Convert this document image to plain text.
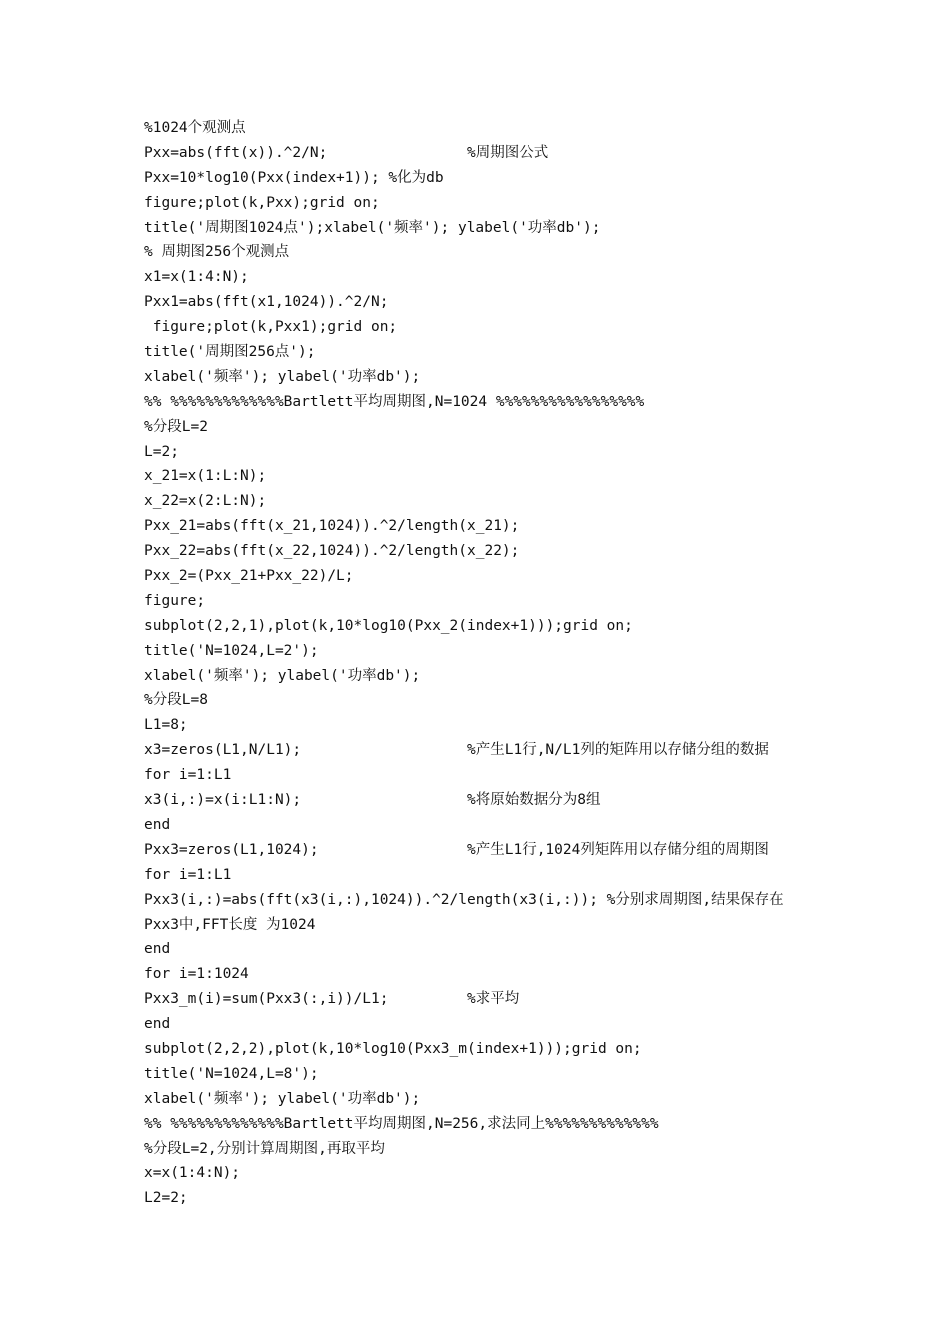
%1024个观测点
Pxx=abs(fft(x)).^2/N;                %周期图公式
Pxx=10*log10(Pxx(index+1)); %化为db
figure;plot(k,Pxx);grid on;
title('周期图1024点');xlabel('频率'); ylabel('功率db');
% 周期图256个观测点
x1=x(1:4:N);
Pxx1=abs(fft(x1,1024)).^2/N;
figure;plot(k,Pxx1);grid on;
title('周期图256点');
xlabel('频率'); ylabel('功率db');
%% %%%%%%%%%%%%%Bartlett平均周期图,N=1024 %%%%%%%%%%%%%%%%%
%分段L=2
L=2;
x_21=x(1:L:N);
x_22=x(2:L:N);
Pxx_21=abs(fft(x_21,1024)).^2/length(x_21);
Pxx_22=abs(fft(x_22,1024)).^2/length(x_22);
Pxx_2=(Pxx_21+Pxx_22)/L;
figure;
subplot(2,2,1),plot(k,10*log10(Pxx_2(index+1)));grid on;
title('N=1024,L=2');
xlabel('频率'); ylabel('功率db');
%分段L=8
L1=8;
x3=zeros(L1,N/L1);                   %产生L1行,N/L1列的矩阵用以存储分组的数据
for i=1:L1
x3(i,:)=x(i:L1:N);                   %将原始数据分为8组
end
Pxx3=zeros(L1,1024);                 %产生L1行,1024列矩阵用以存储分组的周期图
for i=1:L1
Pxx3(i,:)=abs(fft(x3(i,:),1024)).^2/length(x3(i,:)); %分别求周期图,结果保存在
Pxx3中,FFT长度 为1024
end
for i=1:1024
Pxx3_m(i)=sum(Pxx3(:,i))/L1;         %求平均
end
subplot(2,2,2),plot(k,10*log10(Pxx3_m(index+1)));grid on;
title('N=1024,L=8');
xlabel('频率'); ylabel('功率db');
%% %%%%%%%%%%%%%Bartlett平均周期图,N=256,求法同上%%%%%%%%%%%%%
%分段L=2,分别计算周期图,再取平均
x=x(1:4:N);
L2=2;
